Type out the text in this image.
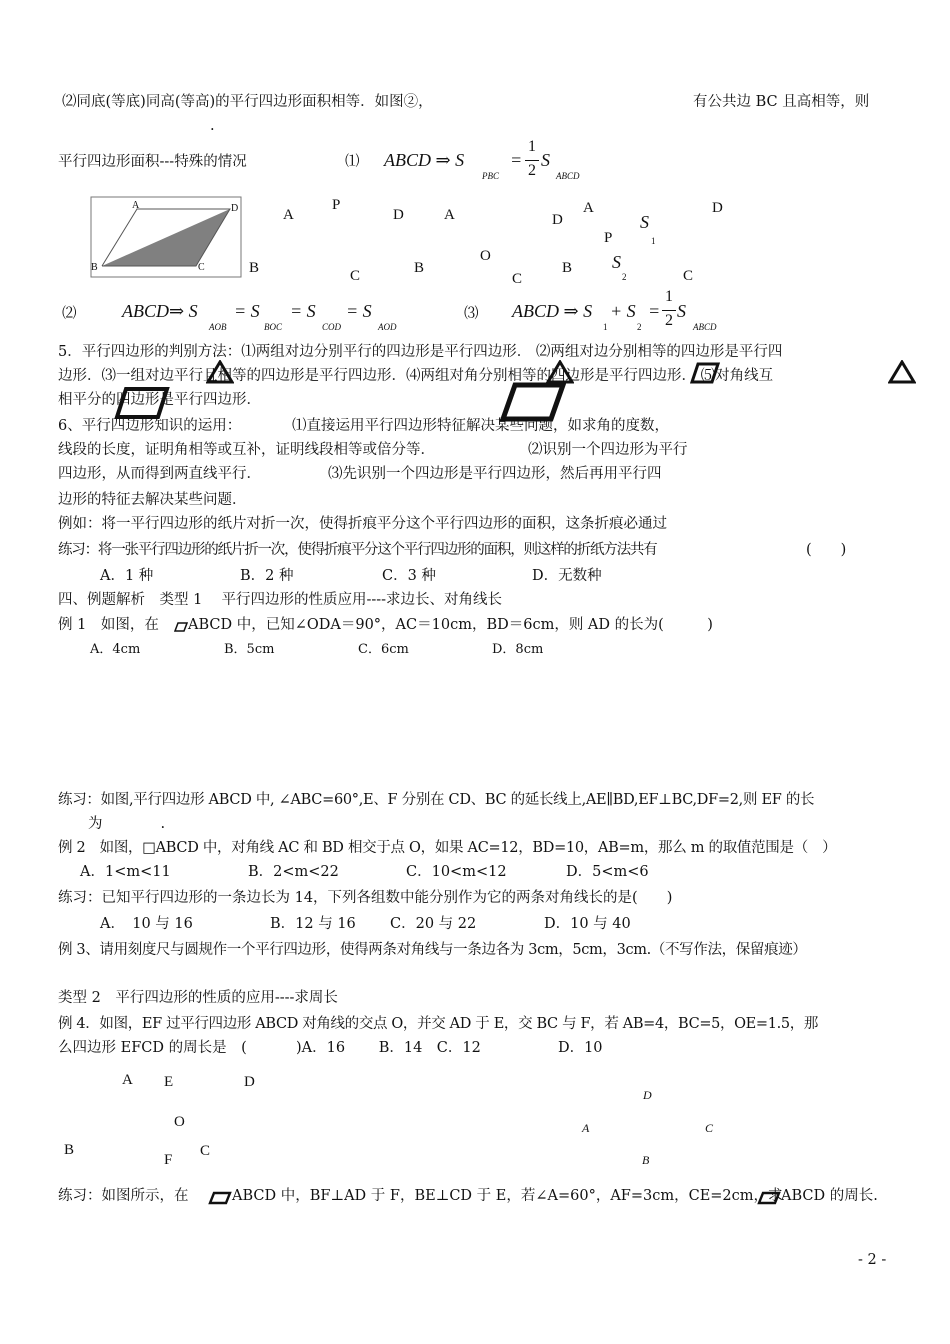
⑵同底(等底)同高(等高)的平行四边形面积相等．如图②，	有公共边 BC 且高相等，则
.
平行四边形面积---特殊的情况	⑴ ABCD ⇒ S
PBC
=
1
2
S
ABCD
A	D
B	C
A
P
D
B	C
A	D
O
B
C
A	D
P
S
1
S
2
B	C
⑵	ABCD⇒ S
AOB
= S
BOC
= S
COD
= S
AOD
⑶ ABCD ⇒ S
1
+ S
2
=
1
2 S
ABCD
5．平行四边形的判别方法：⑴两组对边分别平行的四边形是平行四边形． ⑵两组对边分别相等的四边形是平行四
边形．⑶一组对边平行且相等的四边形是平行四边形．⑷两组对角分别相等的四边形是平行四边形． ⑸对角线互
相平分的四边形是平行四边形．
6、平行四边形知识的运用：	⑴直接运用平行四边形特征解决某些问题，如求角的度数，
线段的长度，证明角相等或互补，证明线段相等或倍分等．	⑵识别一个四边形为平行
四边形，从而得到两直线平行．	⑶先识别一个四边形是平行四边形，然后再用平行四
边形的特征去解决某些问题．
例如：将一平行四边形的纸片对折一次，使得折痕平分这个平行四边形的面积，这条折痕必通过
练习：将一张平行四边形的纸片折一次，使得折痕平分这个平行四边形的面积，则这样的折纸方法共有	(　　)
A．1 种	B．2 种	C．3 种	D．无数种
四、例题解析　类型 1　 平行四边形的性质应用----求边长、对角线长
例 1　如图，在 ABCD 中，已知∠ODA＝90°，AC＝10cm，BD＝6cm，则 AD 的长为(　　　)
A．4cm	B．5cm	C．6cm	D．8cm
练习：如图,平行四边形 ABCD 中, ∠ABC=60°,E、F 分别在 CD、BC 的延长线上,AE∥BD,EF⊥BC,DF=2,则 EF 的长
为　　　　.
例 2　如图，□ABCD 中，对角线 AC 和 BD 相交于点 O，如果 AC=12，BD=10，AB=m，那么 m 的取值范围是（　）
A．1<m<11	B．2<m<22	C．10<m<12	D．5<m<6
练习：已知平行四边形的一条边长为 14，下列各组数中能分别作为它的两条对角线长的是(　　)
A．　10 与 16	B．12 与 16 C．20 与 22	D．10 与 40
例 3、请用刻度尺与圆规作一个平行四边形，使得两条对角线与一条边各为 3cm，5cm，3cm.（不写作法，保留痕迹）
类型 2　平行四边形的性质的应用----求周长
例 4．如图，EF 过平行四边形 ABCD 对角线的交点 O，并交 AD 于 E，交 BC 与 F，若 AB=4，BC=5，OE=1.5，那
么四边形 EFCD 的周长是　(	)A．16　　 B．14　C．12　　　　　 D．10
A E	D
O
B
F
C
D
A	C
B
练习：如图所示，在	ABCD 中，BF⊥AD 于 F，BE⊥CD 于 E，若∠A=60°，AF=3cm，CE=2cm，求
ABCD 的周长.
- 2 -
